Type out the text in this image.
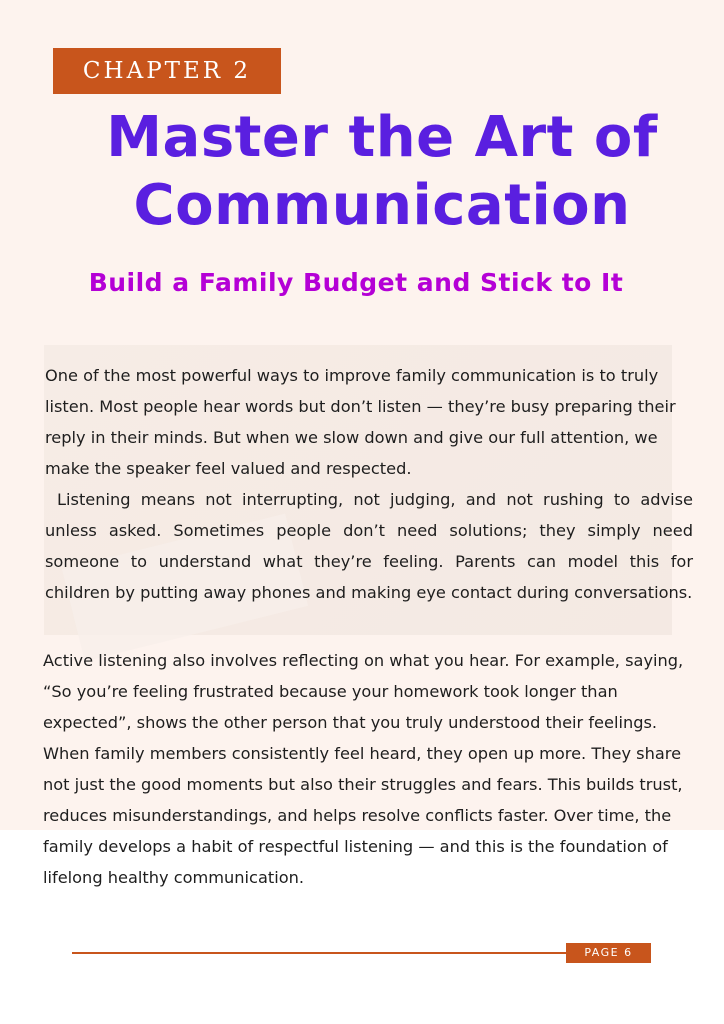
CHAPTER 2
Master the Art of Communication
Build a Family Budget and Stick to It

One of the most powerful ways to improve family communication is to truly listen. Most people hear words but don’t listen — they’re busy preparing their reply in their minds. But when we slow down and give our full attention, we make the speaker feel valued and respected.

Listening means not interrupting, not judging, and not rushing to advise unless asked. Sometimes people don’t need solutions; they simply need someone to understand what they’re feeling. Parents can model this for children by putting away phones and making eye contact during conversations.

Active listening also involves reflecting on what you hear. For example, saying, “So you’re feeling frustrated because your homework took longer than expected”, shows the other person that you truly understood their feelings. When family members consistently feel heard, they open up more. They share not just the good moments but also their struggles and fears. This builds trust, reduces misunderstandings, and helps resolve conflicts faster. Over time, the family develops a habit of respectful listening — and this is the foundation of lifelong healthy communication.

PAGE 6
